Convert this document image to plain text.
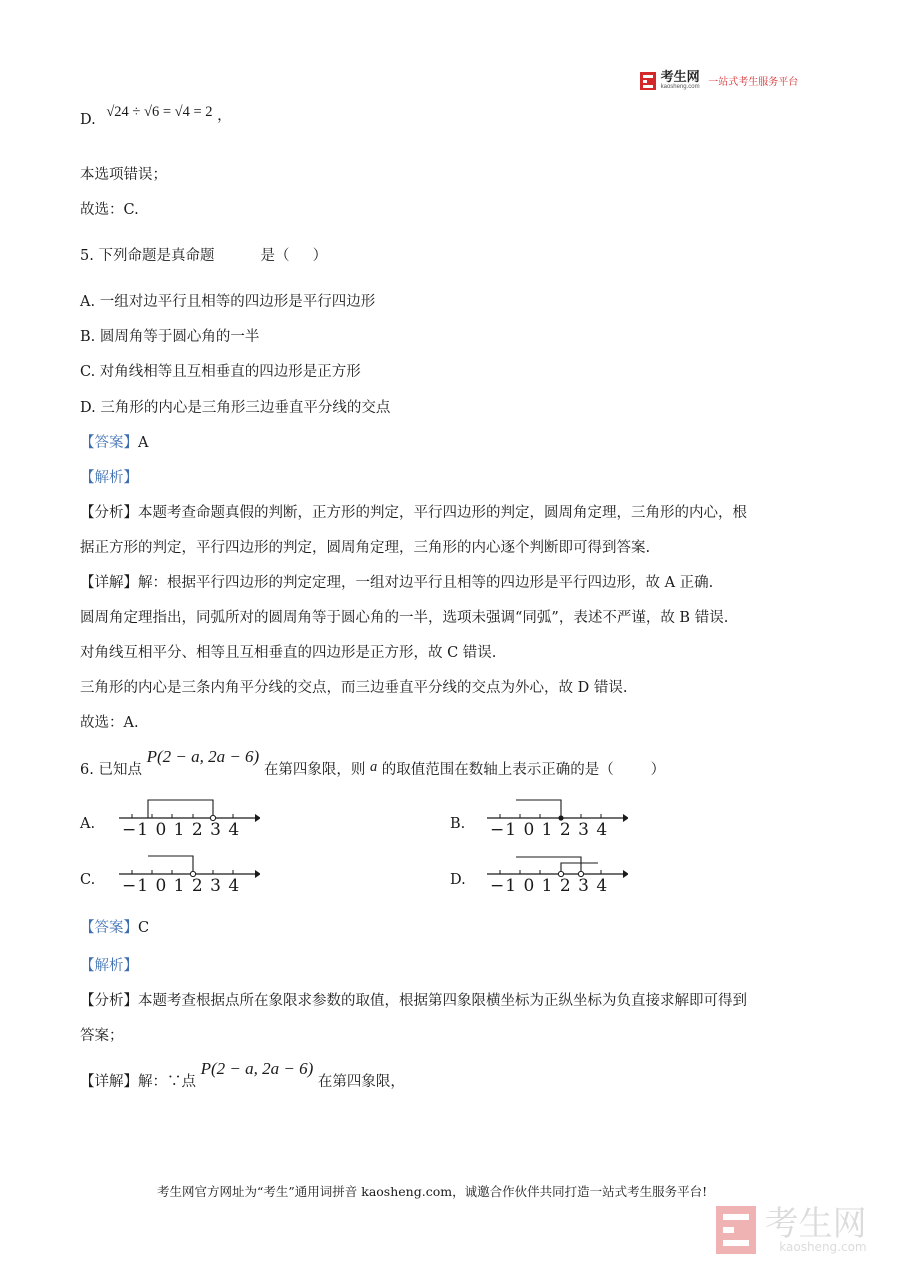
考生网
kaosheng.com 一站式考生服务平台
D. √24 ÷ √6 = √4 = 2 ，
本选项错误；
故选：C.
5. 下列命题是真命题          是（     ）
A. 一组对边平行且相等的四边形是平行四边形
B. 圆周角等于圆心角的一半
C. 对角线相等且互相垂直的四边形是正方形
D. 三角形的内心是三角形三边垂直平分线的交点
【答案】A
【解析】
【分析】本题考查命题真假的判断，正方形的判定，平行四边形的判定，圆周角定理，三角形的内心，根
据正方形的判定，平行四边形的判定，圆周角定理，三角形的内心逐个判断即可得到答案.
【详解】解：根据平行四边形的判定定理，一组对边平行且相等的四边形是平行四边形，故 A 正确.
圆周角定理指出，同弧所对的圆周角等于圆心角的一半，选项未强调“同弧”，表述不严谨，故 B 错误.
对角线互相平分、相等且互相垂直的四边形是正方形，故 C 错误.
三角形的内心是三条内角平分线的交点，而三边垂直平分线的交点为外心，故 D 错误.
故选：A.
6. 已知点 P(2 − a, 2a − 6) 在第四象限，则 a 的取值范围在数轴上表示正确的是（        ）
A. −1 0 1 2 3 4	B. −1 0 1 2 3 4
C. −1 0 1 2 3 4	D. −1 0 1 2 3 4
【答案】C
【解析】
【分析】本题考查根据点所在象限求参数的取值，根据第四象限横坐标为正纵坐标为负直接求解即可得到
答案；
【详解】解：∵点 P(2 − a, 2a − 6) 在第四象限，
考生网官方网址为“考生”通用词拼音 kaosheng.com，诚邀合作伙伴共同打造一站式考生服务平台!

考生网
kaosheng.com
